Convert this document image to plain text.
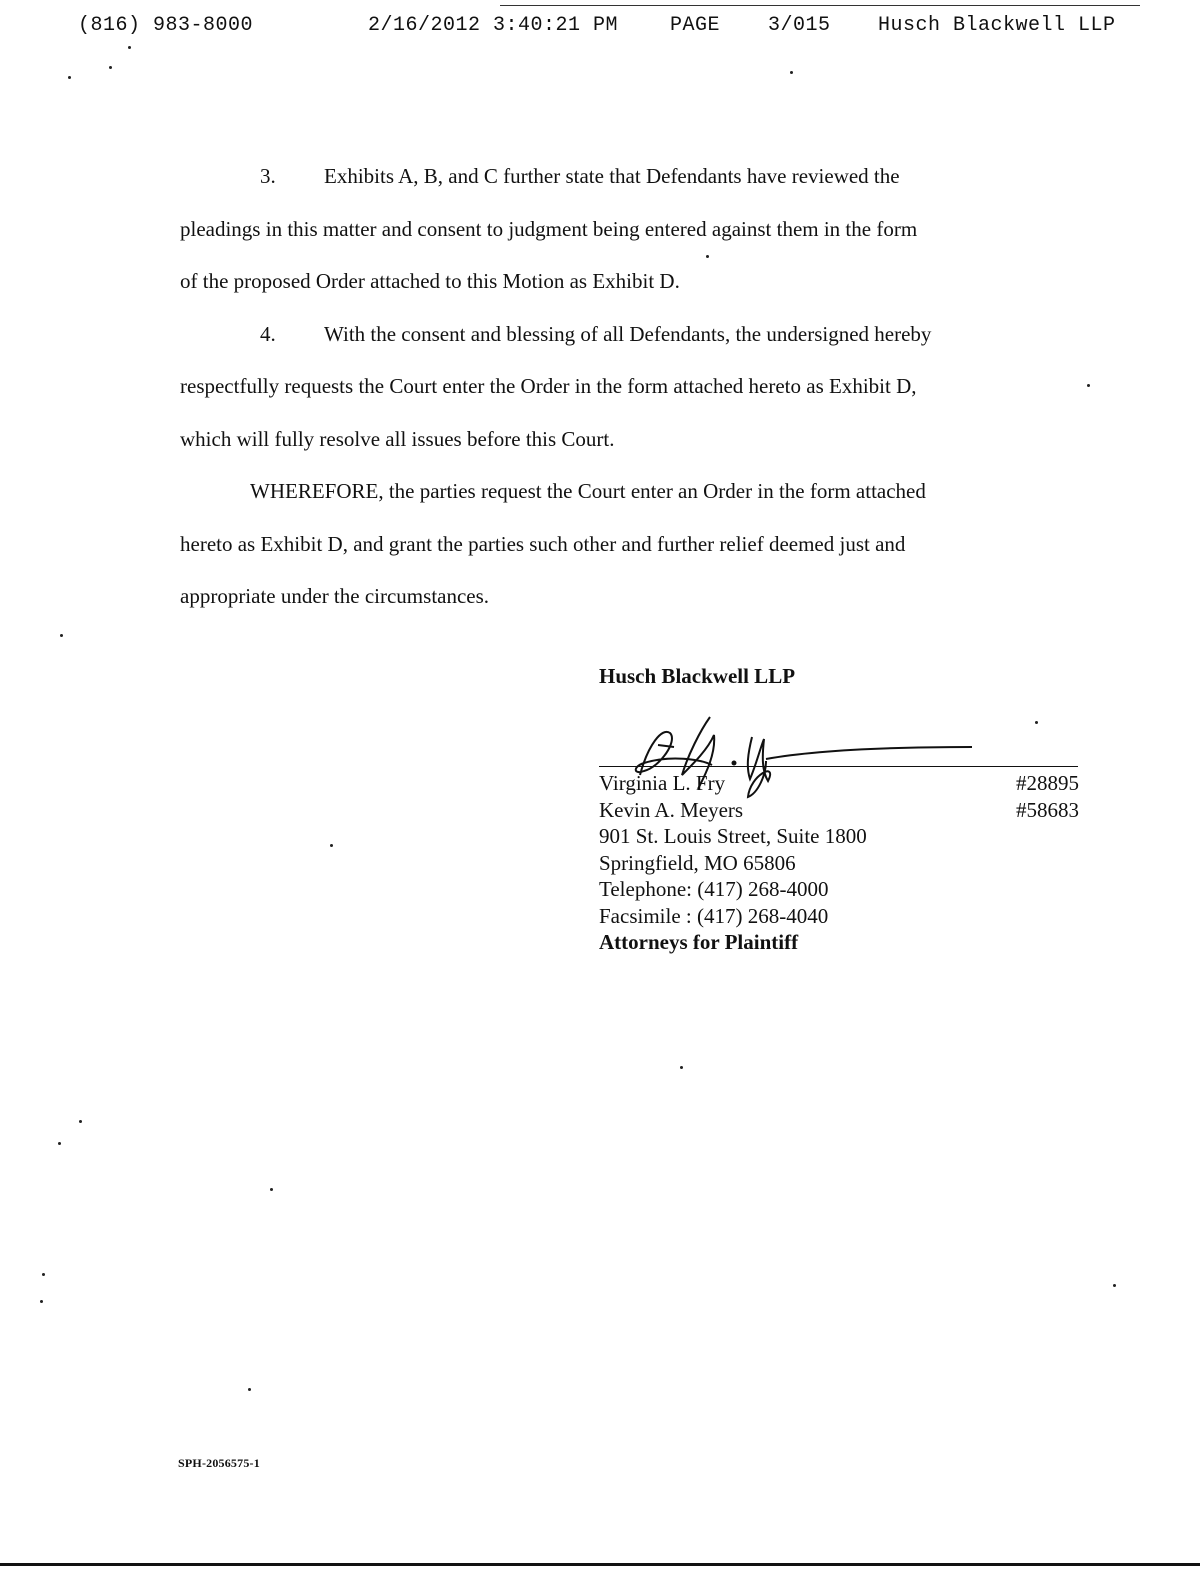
(816) 983-8000	2/16/2012 3:40:21 PM	PAGE 3/015 Husch Blackwell LLP
3. Exhibits A, B, and C further state that Defendants have reviewed the
pleadings in this matter and consent to judgment being entered against them in the form
of the proposed Order attached to this Motion as Exhibit D.
4. With the consent and blessing of all Defendants, the undersigned hereby
respectfully requests the Court enter the Order in the form attached hereto as Exhibit D,
which will fully resolve all issues before this Court.
WHEREFORE, the parties request the Court enter an Order in the form attached
hereto as Exhibit D, and grant the parties such other and further relief deemed just and
appropriate under the circumstances.
Husch Blackwell LLP
Virginia L. Fry	#28895
Kevin A. Meyers	#58683
901 St. Louis Street, Suite 1800
Springfield, MO 65806
Telephone: (417) 268-4000
Facsimile : (417) 268-4040
Attorneys for Plaintiff
SPH-2056575-1
